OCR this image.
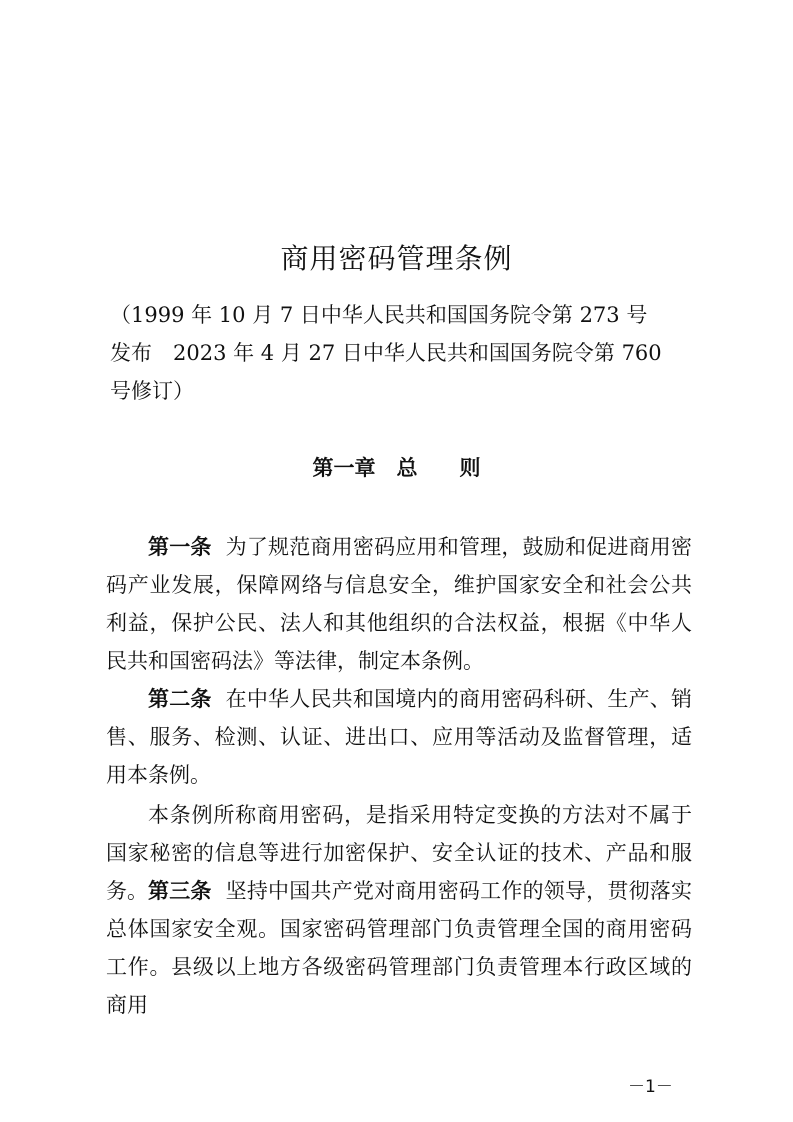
商用密码管理条例
（1999 年 10 月 7 日中华人民共和国国务院令第 273 号
发布　2023 年 4 月 27 日中华人民共和国国务院令第 760
号修订）
第一章　总　　则

第一条 为了规范商用密码应用和管理，鼓励和促进商用密码产业发展，保障网络与信息安全，维护国家安全和社会公共利益，保护公民、法人和其他组织的合法权益，根据《中华人民共和国密码法》等法律，制定本条例。

第二条 在中华人民共和国境内的商用密码科研、生产、销售、服务、检测、认证、进出口、应用等活动及监督管理，适用本条例。

本条例所称商用密码，是指采用特定变换的方法对不属于国家秘密的信息等进行加密保护、安全认证的技术、产品和服务。 第三条 坚持中国共产党对商用密码工作的领导，贯彻落实总体国家安全观。国家密码管理部门负责管理全国的商用密码工作。县级以上地方各级密码管理部门负责管理本行政区域的商用

－1－
